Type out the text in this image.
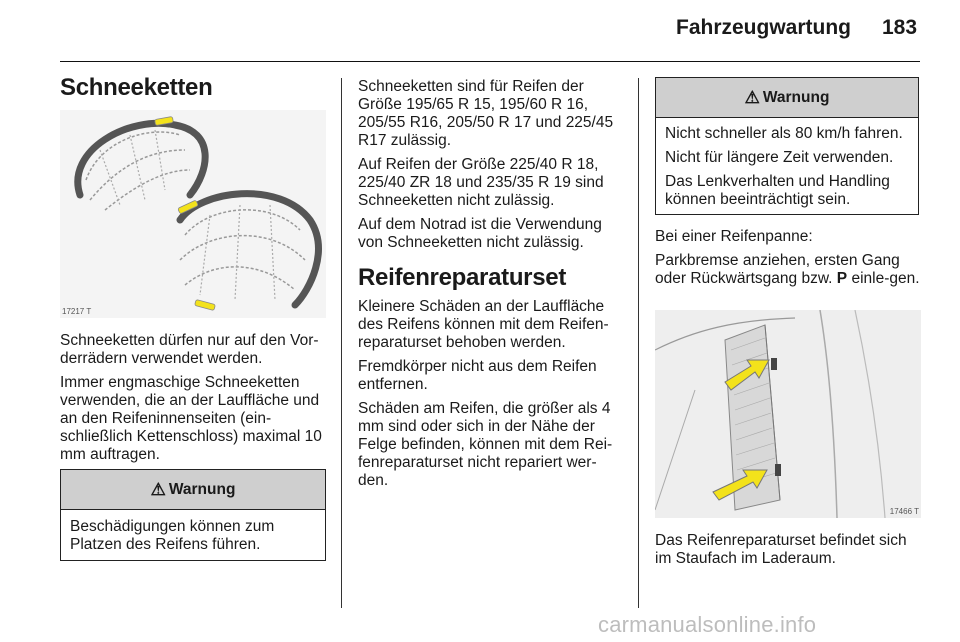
Fahrzeugwartung 183
Schneeketten
17217 T

Schneeketten dürfen nur auf den Vor-derrädern verwendet werden.

Immer engmaschige Schneeketten verwenden, die an der Lauffläche und an den Reifeninnenseiten (ein-schließlich Kettenschloss) maximal 10 mm auftragen.

⚠ Warnung

Beschädigungen können zum Platzen des Reifens führen.

Schneeketten sind für Reifen der Größe 195/65 R 15, 195/60 R 16, 205/55 R16, 205/50 R 17 und 225/45 R17 zulässig.

Auf Reifen der Größe 225/40 R 18, 225/40 ZR 18 und 235/35 R 19 sind Schneeketten nicht zulässig.

Auf dem Notrad ist die Verwendung von Schneeketten nicht zulässig.

Reifenreparaturset

Kleinere Schäden an der Lauffläche des Reifens können mit dem Reifen-reparaturset behoben werden.

Fremdkörper nicht aus dem Reifen entfernen.

Schäden am Reifen, die größer als 4 mm sind oder sich in der Nähe der Felge befinden, können mit dem Rei-fenreparaturset nicht repariert wer-den.

⚠ Warnung

Nicht schneller als 80 km/h fahren.

Nicht für längere Zeit verwenden.

Das Lenkverhalten und Handling können beeinträchtigt sein.

Bei einer Reifenpanne:

Parkbremse anziehen, ersten Gang oder Rückwärtsgang bzw. P einle-gen.

17466 T

Das Reifenreparaturset befindet sich im Staufach im Laderaum.

carmanualsonline.info
